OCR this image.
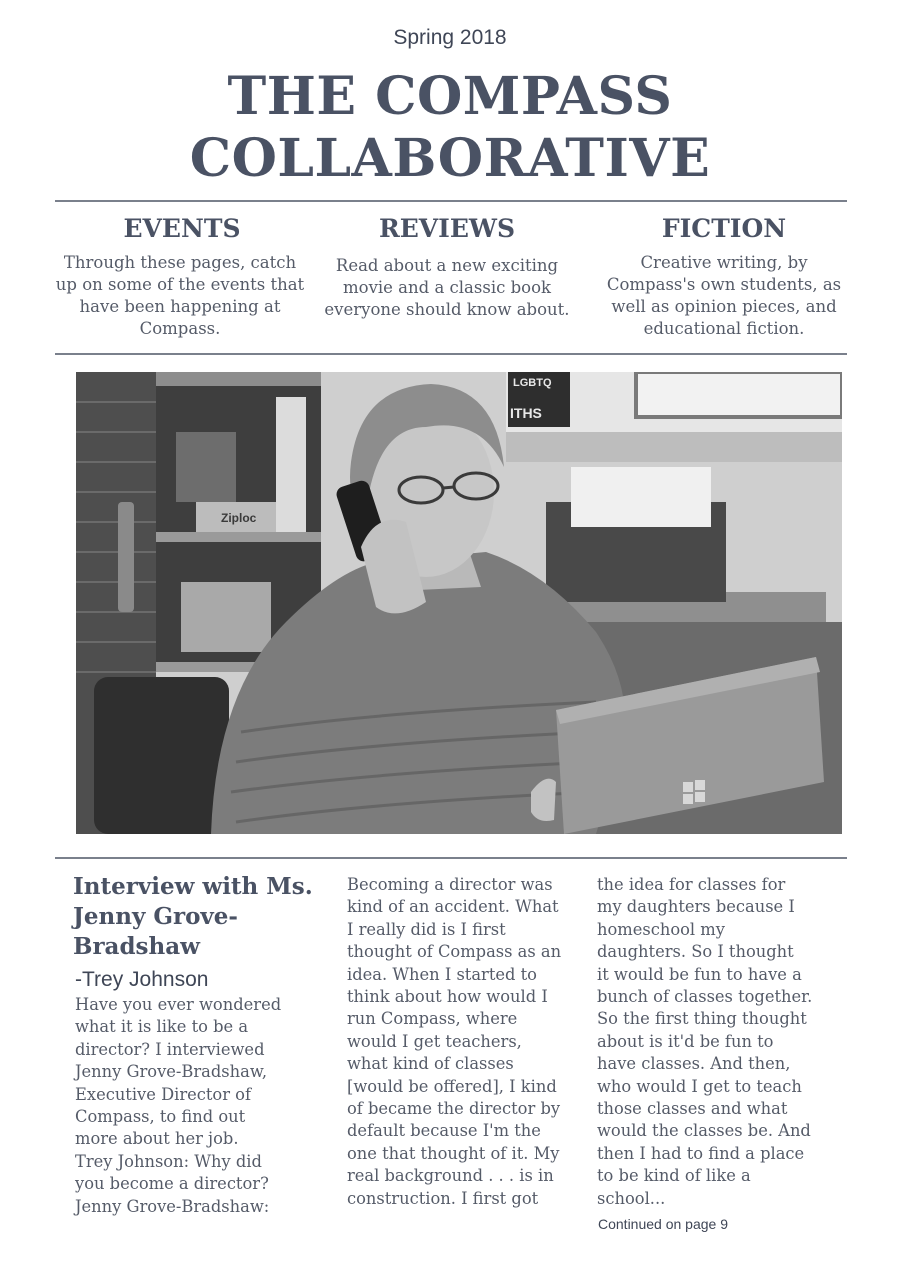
Spring 2018
THE COMPASS
COLLABORATIVE
EVENTS
Through these pages, catch up on some of the events that have been happening at Compass.
REVIEWS
Read about a new exciting movie and a classic book everyone should know about.
FICTION
Creative writing, by Compass's own students, as well as opinion pieces, and educational fiction.
Ziploc
LGBTQ
ITHS
Interview with Ms. Jenny Grove-Bradshaw
-Trey Johnson
Have you ever wondered
what it is like to be a
director? I interviewed
Jenny Grove-Bradshaw,
Executive Director of
Compass, to find out
more about her job.
Trey Johnson: Why did
you become a director?
Jenny Grove-Bradshaw:
Becoming a director was
kind of an accident. What
I really did is I first
thought of Compass as an
idea. When I started to
think about how would I
run Compass, where
would I get teachers,
what kind of classes
[would be offered], I kind
of became the director by
default because I'm the
one that thought of it. My
real background . . . is in
construction. I first got
the idea for classes for
my daughters because I
homeschool my
daughters. So I thought
it would be fun to have a
bunch of classes together.
So the first thing thought
about is it'd be fun to
have classes. And then,
who would I get to teach
those classes and what
would the classes be. And
then I had to find a place
to be kind of like a
school...
Continued on page 9
